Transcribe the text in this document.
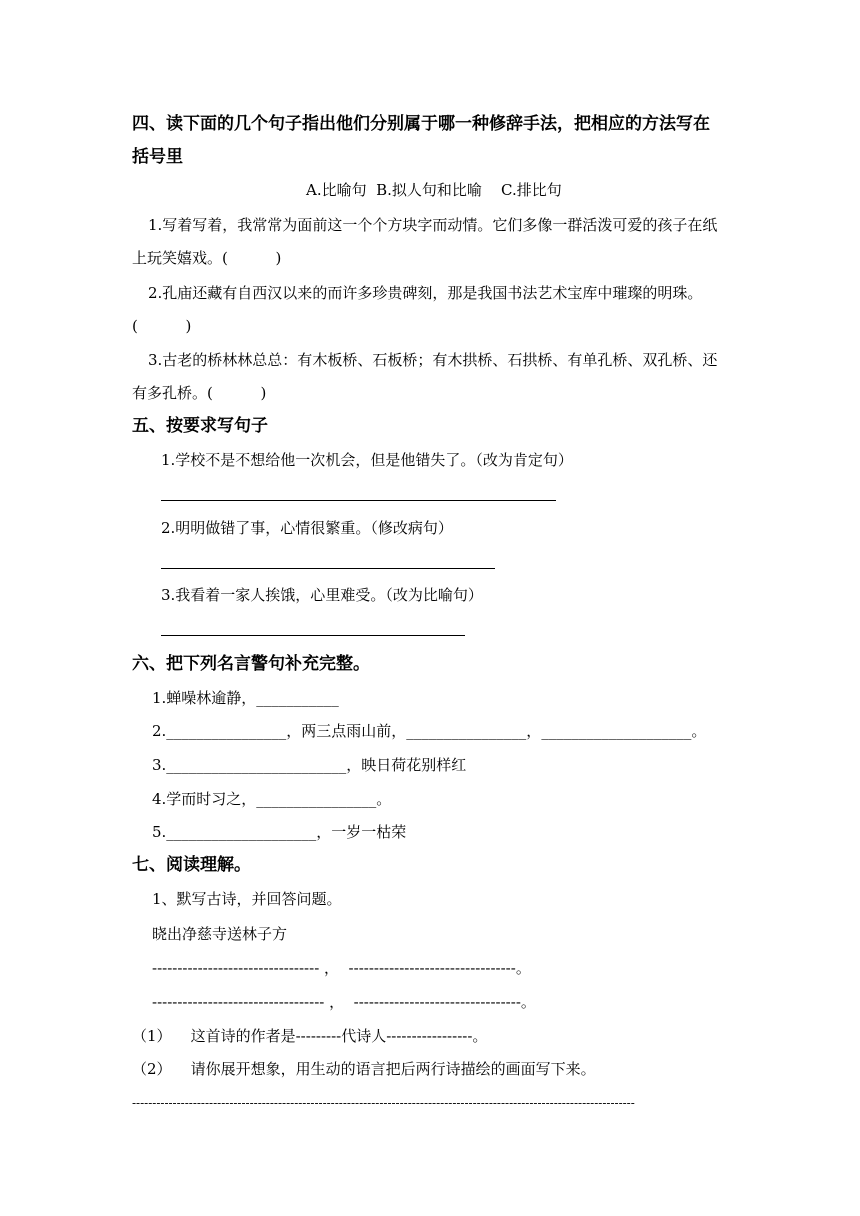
四、读下面的几个句子指出他们分别属于哪一种修辞手法，把相应的方法写在
括号里
A.比喻句  B.拟人句和比喻    C.排比句
1.写着写着，我常常为面前这一个个方块字而动情。它们多像一群活泼可爱的孩子在纸
上玩笑嬉戏。(          )
2.孔庙还藏有自西汉以来的而许多珍贵碑刻，那是我国书法艺术宝库中璀璨的明珠。
(          )
3.古老的桥林林总总：有木板桥、石板桥；有木拱桥、石拱桥、有单孔桥、双孔桥、还
有多孔桥。(          )
五、按要求写句子
1.学校不是不想给他一次机会，但是他错失了。（改为肯定句）
2.明明做错了事，心情很繁重。（修改病句）
3.我看着一家人挨饿，心里难受。（改为比喻句）
六、把下列名言警句补充完整。
1.蝉噪林逾静，___________
2.________________，两三点雨山前，________________，____________________。
3.________________________，映日荷花别样红
4.学而时习之，________________。
5.____________________，一岁一枯荣
七、阅读理解。
1、默写古诗，并回答问题。
晓出净慈寺送林子方
--------------------------------- ，  ---------------------------------。
---------------------------------- ，  ---------------------------------。
（1）    这首诗的作者是---------代诗人-----------------。
（2）    请你展开想象，用生动的语言把后两行诗描绘的画面写下来。
----------------------------------------------------------------------------------------------------------------------------
